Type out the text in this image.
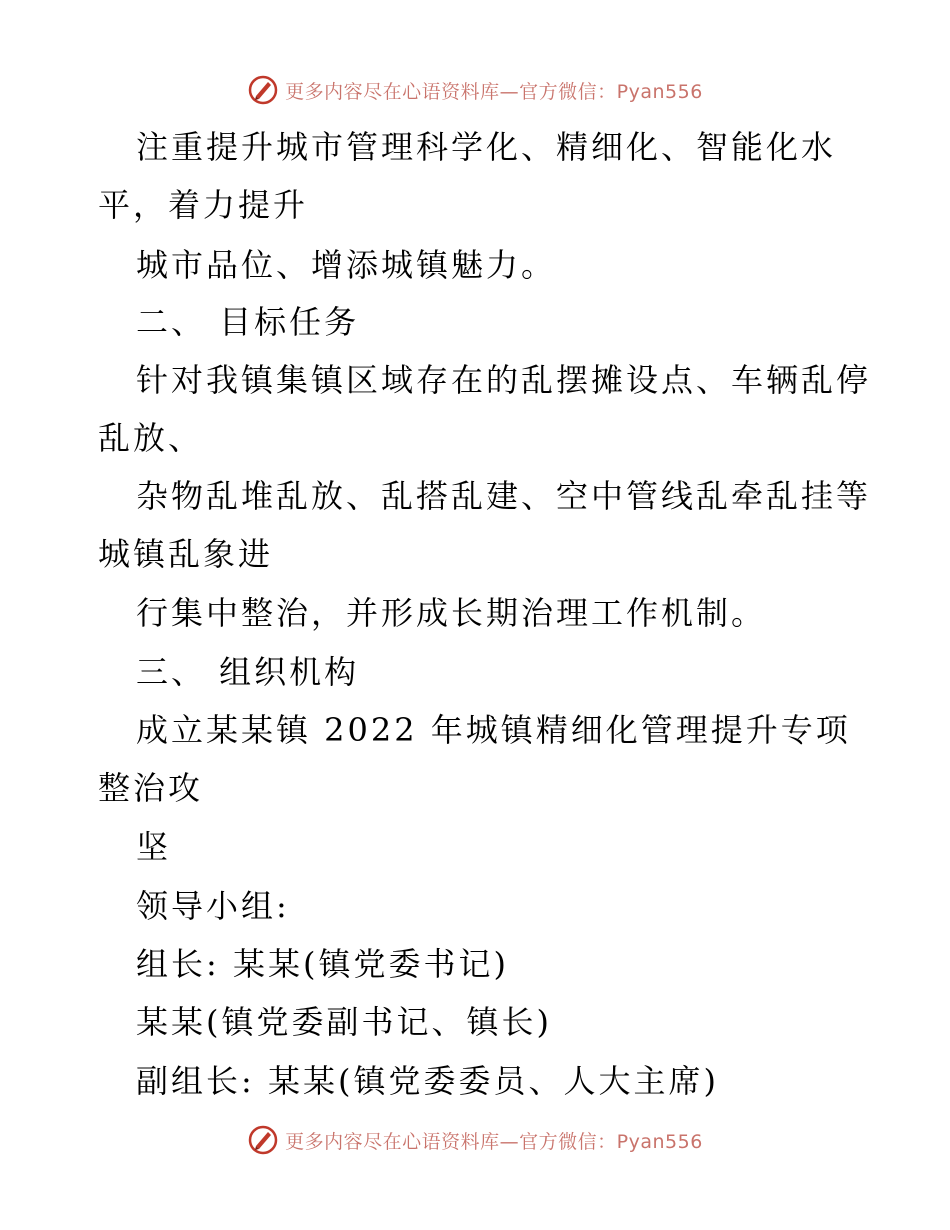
更多内容尽在心语资料库—官方微信：Pyan556
注重提升城市管理科学化、精细化、智能化水
平，着力提升
城市品位、增添城镇魅力。
二、 目标任务
针对我镇集镇区域存在的乱摆摊设点、车辆乱停
乱放、
杂物乱堆乱放、乱搭乱建、空中管线乱牵乱挂等
城镇乱象进
行集中整治，并形成长期治理工作机制。
三、 组织机构
成立某某镇 2022 年城镇精细化管理提升专项
整治攻
坚
领导小组:
组长: 某某(镇党委书记)
某某(镇党委副书记、镇长)
副组长: 某某(镇党委委员、人大主席)
更多内容尽在心语资料库—官方微信：Pyan556
